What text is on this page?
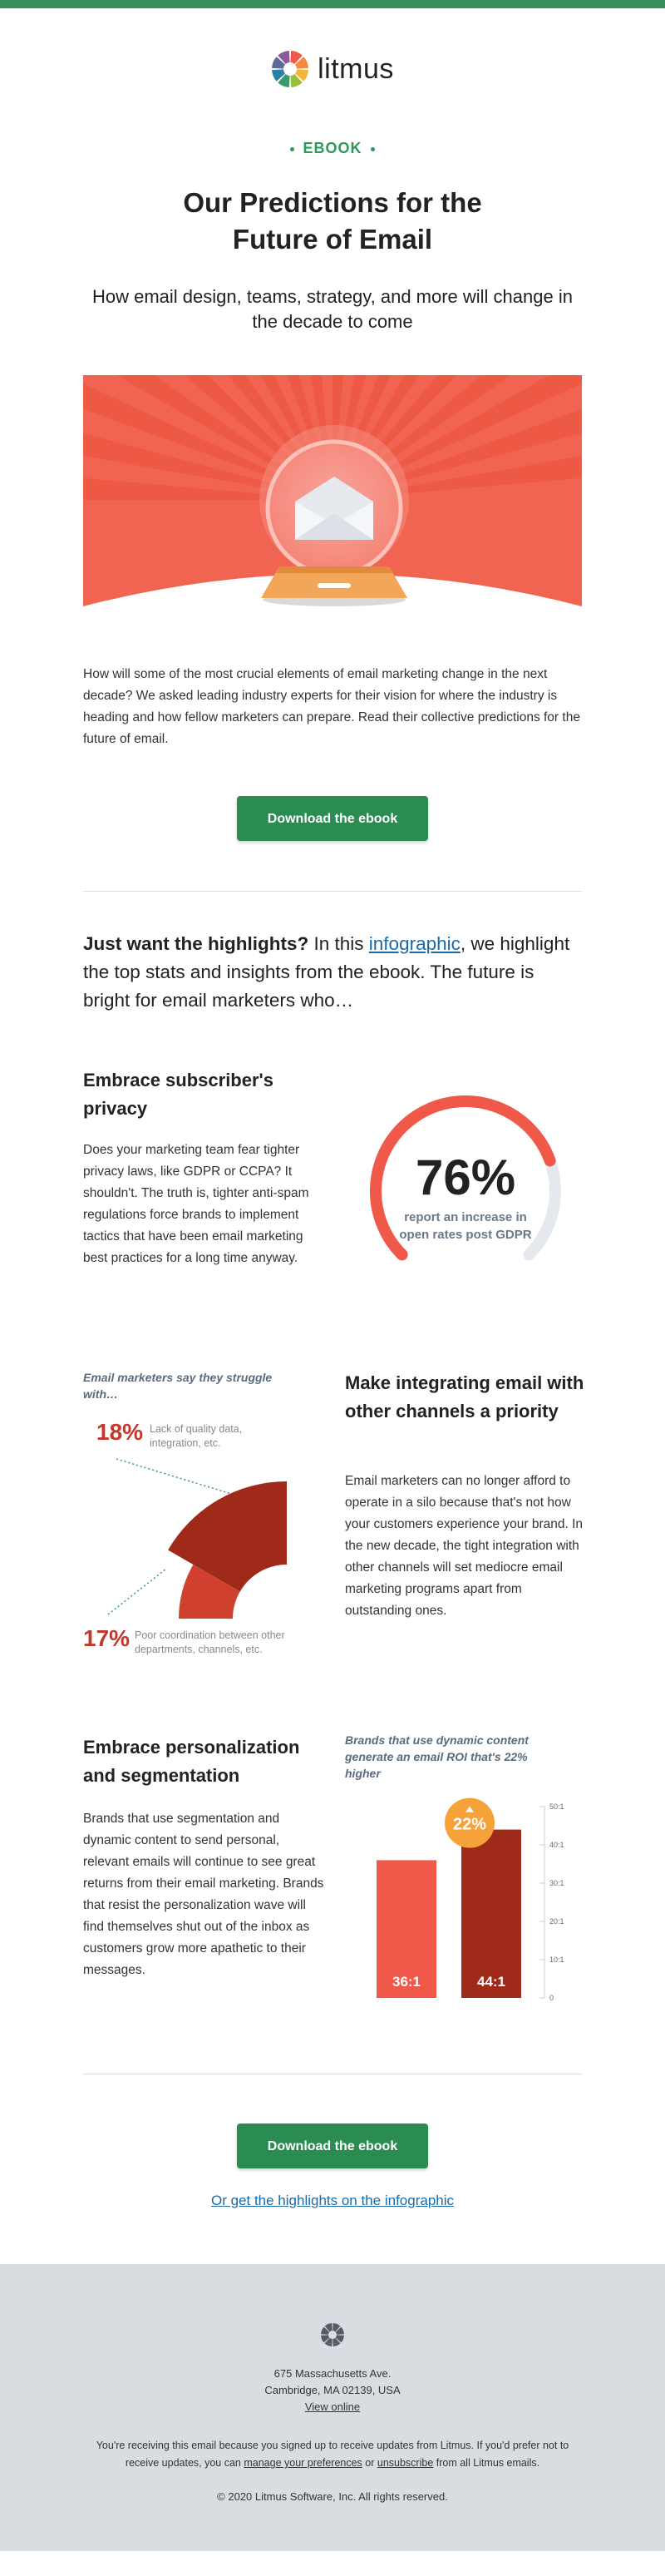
litmus
EBOOK
Our Predictions for the
Future of Email

How email design, teams, strategy, and more will change in the decade to come

How will some of the most crucial elements of email marketing change in the next decade? We asked leading industry experts for their vision for where the industry is heading and how fellow marketers can prepare. Read their collective predictions for the future of email.

Download the ebook

Just want the highlights? In this infographic, we highlight the top stats and insights from the ebook. The future is bright for email marketers who…

Embrace subscriber's privacy

Does your marketing team fear tighter privacy laws, like GDPR or CCPA? It shouldn't. The truth is, tighter anti-spam regulations force brands to implement tactics that have been email marketing best practices for a long time anyway.

76%
report an increase in
open rates post GDPR
Email marketers say they struggle with…
18% Lack of quality data, integration, etc.
17% Poor coordination between other departments, channels, etc.
Make integrating email with other channels a priority

Email marketers can no longer afford to operate in a silo because that's not how your customers experience your brand. In the new decade, the tight integration with other channels will set mediocre email marketing programs apart from outstanding ones.

Embrace personalization and segmentation

Brands that use segmentation and dynamic content to send personal, relevant emails will continue to see great returns from their email marketing. Brands that resist the personalization wave will find themselves shut out of the inbox as customers grow more apathetic to their messages.

Brands that use dynamic content generate an email ROI that's 22% higher
0
10:1
20:1
30:1
40:1
50:1
36:1	44:1
22%
Download the ebook
Or get the highlights on the infographic

675 Massachusetts Ave.
Cambridge, MA 02139, USA
View online

You're receiving this email because you signed up to receive updates from Litmus. If you'd prefer not to receive updates, you can manage your preferences or unsubscribe from all Litmus emails.

© 2020 Litmus Software, Inc. All rights reserved.
